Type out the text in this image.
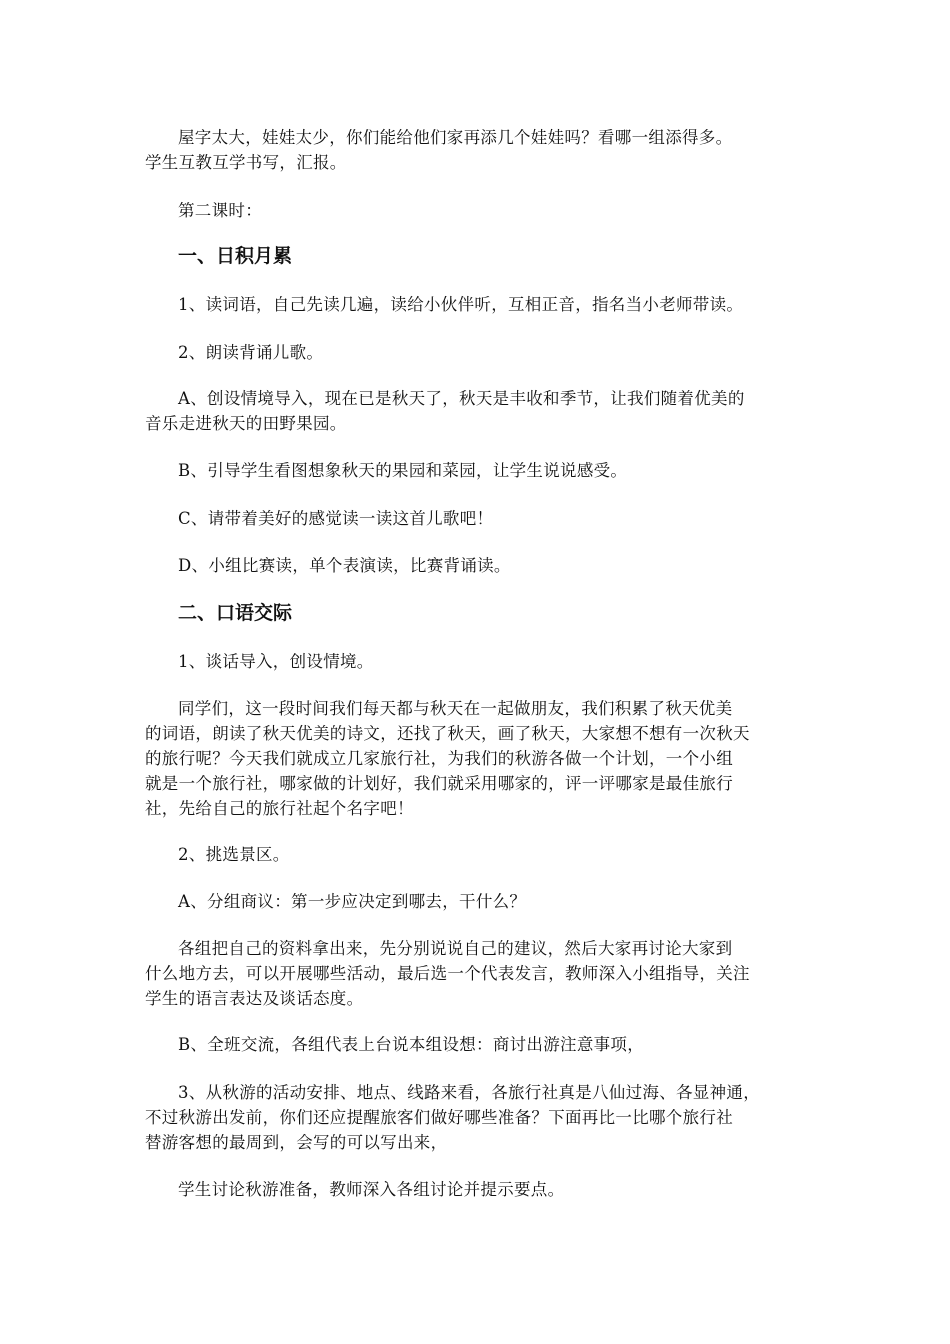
屋字太大，娃娃太少，你们能给他们家再添几个娃娃吗？看哪一组添得多。
学生互教互学书写，汇报。
第二课时：
一、日积月累
1、读词语，自己先读几遍，读给小伙伴听，互相正音，指名当小老师带读。
2、朗读背诵儿歌。
A、创设情境导入，现在已是秋天了，秋天是丰收和季节，让我们随着优美的
音乐走进秋天的田野果园。
B、引导学生看图想象秋天的果园和菜园，让学生说说感受。
C、请带着美好的感觉读一读这首儿歌吧！
D、小组比赛读，单个表演读，比赛背诵读。
二、口语交际
1、谈话导入，创设情境。
同学们，这一段时间我们每天都与秋天在一起做朋友，我们积累了秋天优美
的词语，朗读了秋天优美的诗文，还找了秋天，画了秋天，大家想不想有一次秋天
的旅行呢？今天我们就成立几家旅行社，为我们的秋游各做一个计划，一个小组
就是一个旅行社，哪家做的计划好，我们就采用哪家的，评一评哪家是最佳旅行
社，先给自己的旅行社起个名字吧！
2、挑选景区。
A、分组商议：第一步应决定到哪去，干什么？
各组把自己的资料拿出来，先分别说说自己的建议，然后大家再讨论大家到
什么地方去，可以开展哪些活动，最后选一个代表发言，教师深入小组指导，关注
学生的语言表达及谈话态度。
B、全班交流，各组代表上台说本组设想：商讨出游注意事项，
3、从秋游的活动安排、地点、线路来看，各旅行社真是八仙过海、各显神通，
不过秋游出发前，你们还应提醒旅客们做好哪些准备？下面再比一比哪个旅行社
替游客想的最周到，会写的可以写出来，
学生讨论秋游准备，教师深入各组讨论并提示要点。
